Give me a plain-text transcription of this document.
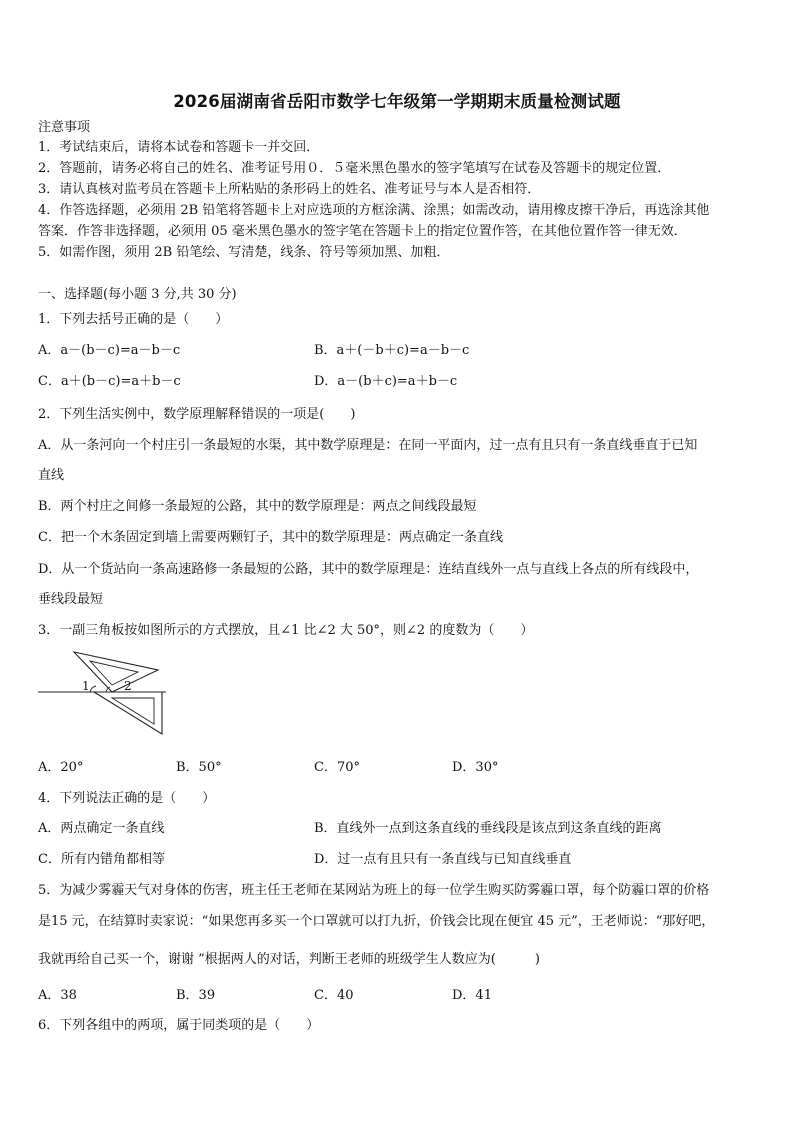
2026届湖南省岳阳市数学七年级第一学期期末质量检测试题
注意事项
1．考试结束后，请将本试卷和答题卡一并交回．
2．答题前，请务必将自己的姓名、准考证号用０．５毫米黑色墨水的签字笔填写在试卷及答题卡的规定位置．
3．请认真核对监考员在答题卡上所粘贴的条形码上的姓名、准考证号与本人是否相符．
4．作答选择题，必须用 2B 铅笔将答题卡上对应选项的方框涂满、涂黑；如需改动，请用橡皮擦干净后，再选涂其他
答案．作答非选择题，必须用 05 毫米黑色墨水的签字笔在答题卡上的指定位置作答，在其他位置作答一律无效．
5．如需作图，须用 2B 铅笔绘、写清楚，线条、符号等须加黑、加粗．
一、选择题(每小题 3 分,共 30 分)
1．下列去括号正确的是（　　）
A．a－(b－c)=a－b－c	B．a＋(－b＋c)=a－b－c
C．a＋(b－c)=a＋b－c	D．a－(b＋c)=a＋b－c
2．下列生活实例中，数学原理解释错误的一项是(　　)
A．从一条河向一个村庄引一条最短的水渠，其中数学原理是：在同一平面内，过一点有且只有一条直线垂直于已知
直线
B．两个村庄之间修一条最短的公路，其中的数学原理是：两点之间线段最短
C．把一个木条固定到墙上需要两颗钉子，其中的数学原理是：两点确定一条直线
D．从一个货站向一条高速路修一条最短的公路，其中的数学原理是：连结直线外一点与直线上各点的所有线段中，
垂线段最短
3．一副三角板按如图所示的方式摆放，且∠1 比∠2 大 50°，则∠2 的度数为（　　）
1	2
A．20°	B．50°	C．70°	D．30°
4．下列说法正确的是（　　）
A．两点确定一条直线	B．直线外一点到这条直线的垂线段是该点到这条直线的距离
C．所有内错角都相等	D．过一点有且只有一条直线与已知直线垂直
5．为减少雾霾天气对身体的伤害，班主任王老师在某网站为班上的每一位学生购买防雾霾口罩，每个防霾口罩的价格
是15 元，在结算时卖家说：“如果您再多买一个口罩就可以打九折，价钱会比现在便宜 45 元”，王老师说：“那好吧，
我就再给自己买一个，谢谢 ”根据两人的对话，判断王老师的班级学生人数应为(　　　)
A．38	B．39	C．40	D．41
6．下列各组中的两项，属于同类项的是（　　）
